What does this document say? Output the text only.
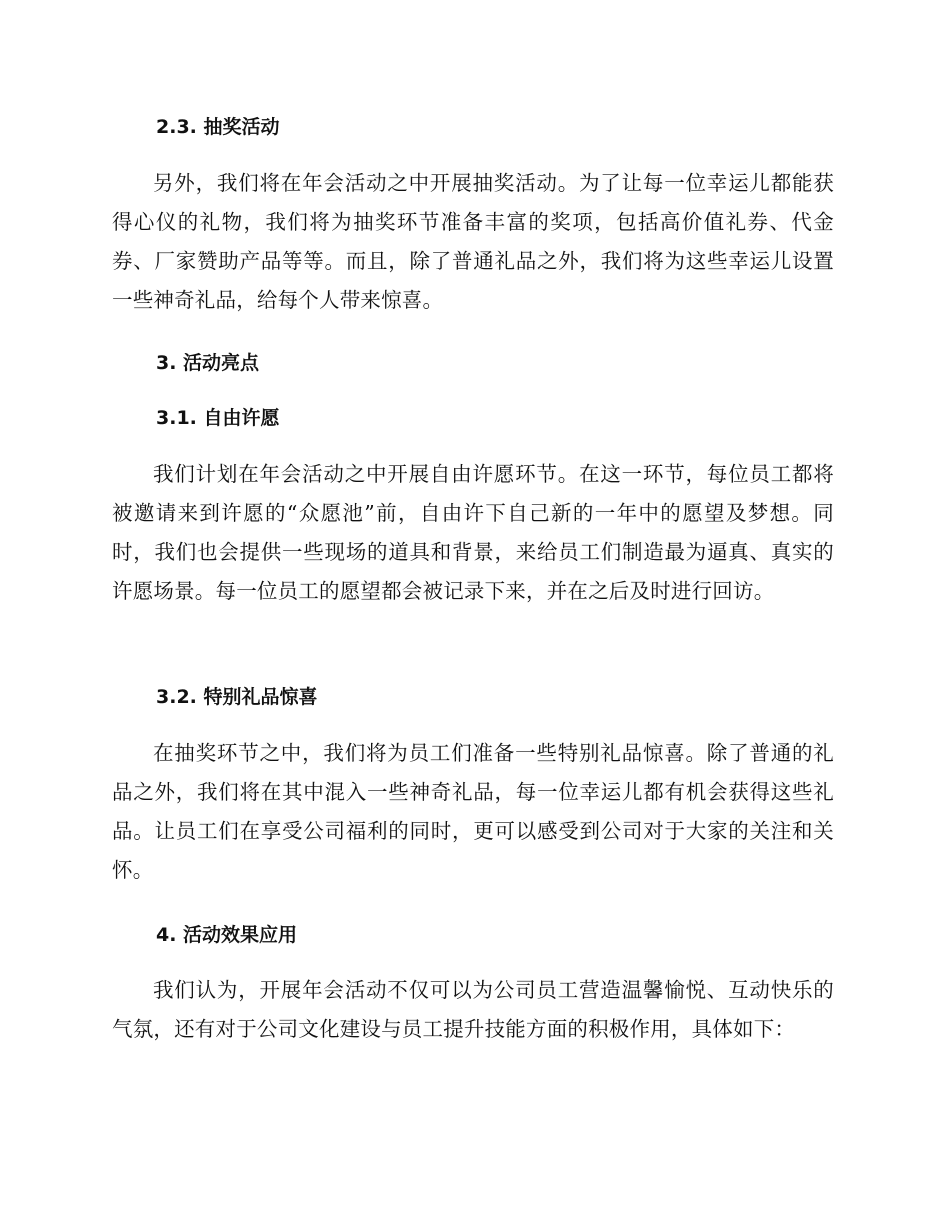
2.3. 抽奖活动

另外，我们将在年会活动之中开展抽奖活动。为了让每一位幸运儿都能获得心仪的礼物，我们将为抽奖环节准备丰富的奖项，包括高价值礼券、代金券、厂家赞助产品等等。而且，除了普通礼品之外，我们将为这些幸运儿设置一些神奇礼品，给每个人带来惊喜。

3. 活动亮点
3.1. 自由许愿

我们计划在年会活动之中开展自由许愿环节。在这一环节，每位员工都将被邀请来到许愿的“众愿池”前，自由许下自己新的一年中的愿望及梦想。同时，我们也会提供一些现场的道具和背景，来给员工们制造最为逼真、真实的许愿场景。每一位员工的愿望都会被记录下来，并在之后及时进行回访。

3.2. 特别礼品惊喜

在抽奖环节之中，我们将为员工们准备一些特别礼品惊喜。除了普通的礼品之外，我们将在其中混入一些神奇礼品，每一位幸运儿都有机会获得这些礼品。让员工们在享受公司福利的同时，更可以感受到公司对于大家的关注和关怀。

4. 活动效果应用

我们认为，开展年会活动不仅可以为公司员工营造温馨愉悦、互动快乐的气氛，还有对于公司文化建设与员工提升技能方面的积极作用，具体如下：
